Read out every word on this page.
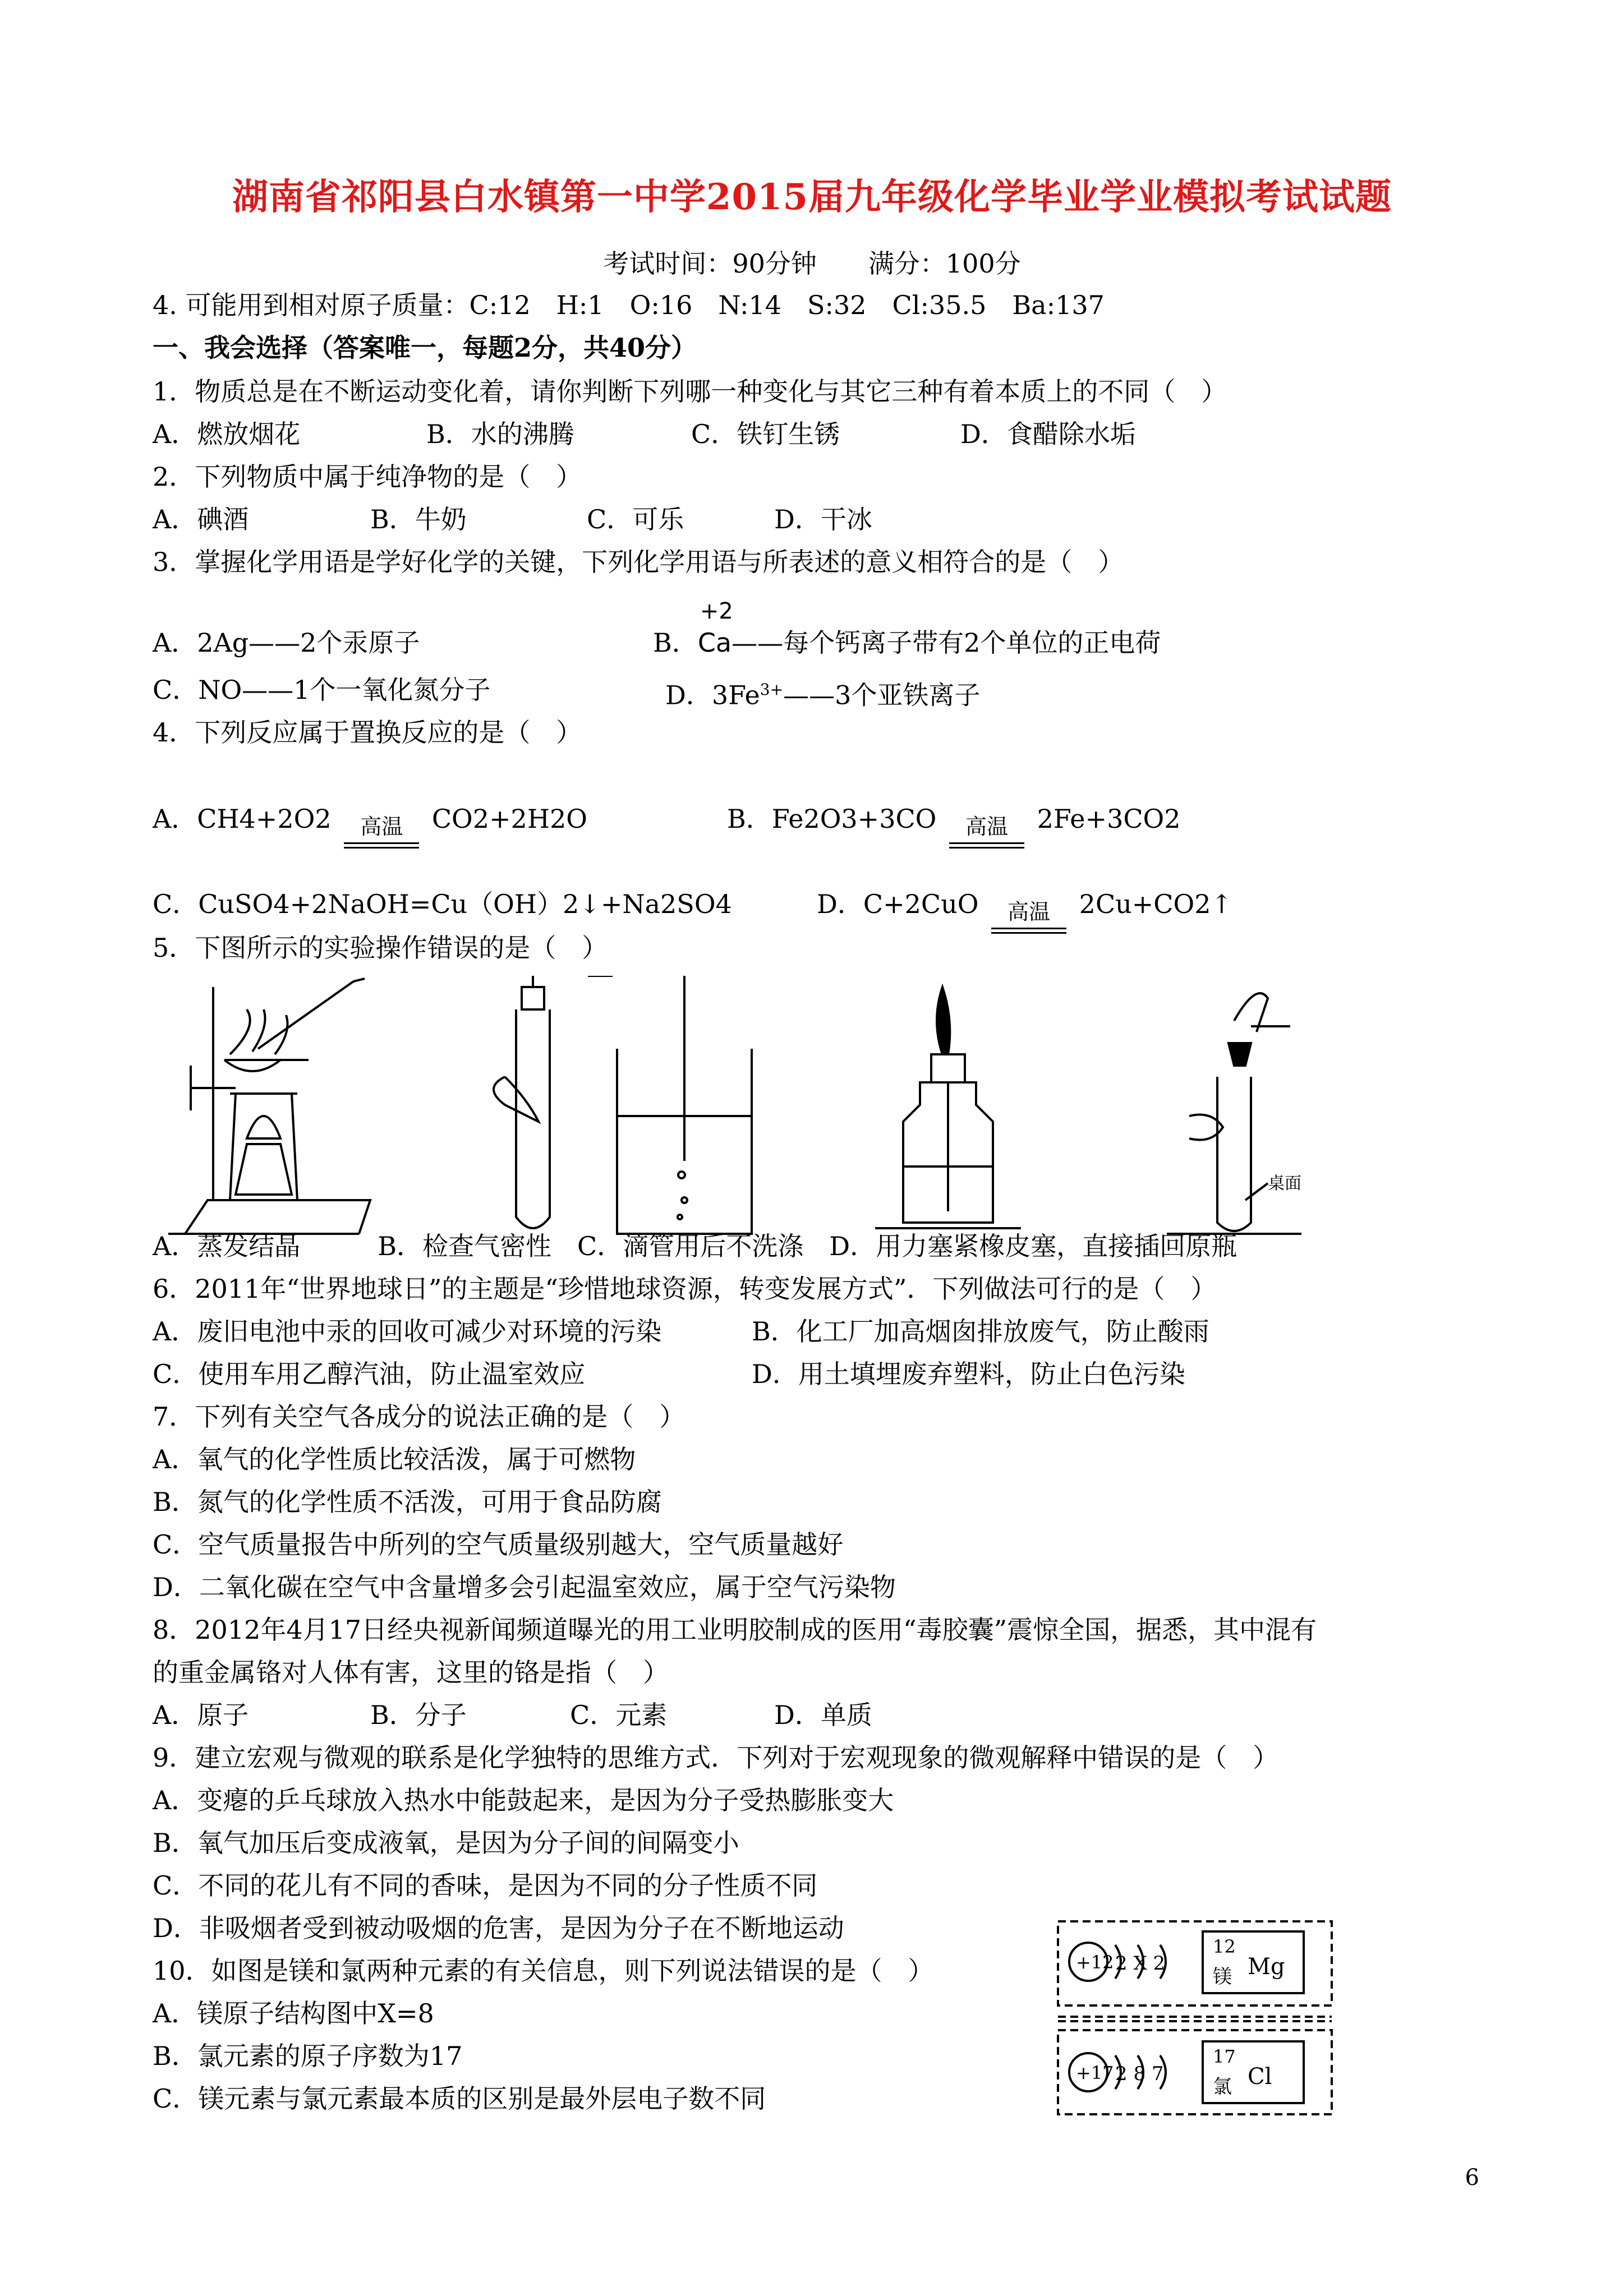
湖南省祁阳县白水镇第一中学2015届九年级化学毕业学业模拟考试试题
考试时间：90分钟　　满分：100分
4. 可能用到相对原子质量：C:12　H:1　O:16　N:14　S:32　Cl:35.5　Ba:137
一、我会选择（答案唯一，每题2分，共40分）
1．物质总是在不断运动变化着，请你判断下列哪一种变化与其它三种有着本质上的不同（　）
A．燃放烟花	B．水的沸腾	C．铁钉生锈	D．食醋除水垢
2．下列物质中属于纯净物的是（　）
A．碘酒	B．牛奶	C．可乐	D．干冰
3．掌握化学用语是学好化学的关键，下列化学用语与所表述的意义相符合的是（　）
A．2Ag——2个汞原子	B．
+2
Ca——每个钙离子带有2个单位的正电荷
C．NO——1个一氧化氮分子	D．$3Fe^{3+}——3$个亚铁离子
4．下列反应属于置换反应的是（　）
A．CH4+2O2	高温	CO2+2H2O	B．Fe2O3+3CO	高温	2Fe+3CO2
C．CuSO4+2NaOH=Cu（OH）2↓+Na2SO4	D．C+2CuO	高温	2Cu+CO2↑
5．下图所示的实验操作错误的是（　）
桌面
A．蒸发结晶　　　B．检查气密性　C．滴管用后不洗涤　D．用力塞紧橡皮塞，直接插回原瓶
6．2011年“世界地球日”的主题是“珍惜地球资源，转变发展方式”．下列做法可行的是（　）
A．废旧电池中汞的回收可减少对环境的污染	B．化工厂加高烟囱排放废气，防止酸雨
C．使用车用乙醇汽油，防止温室效应	D．用土填埋废弃塑料，防止白色污染
7．下列有关空气各成分的说法正确的是（　）
A．氧气的化学性质比较活泼，属于可燃物
B．氮气的化学性质不活泼，可用于食品防腐
C．空气质量报告中所列的空气质量级别越大，空气质量越好
D．二氧化碳在空气中含量增多会引起温室效应，属于空气污染物
8．2012年4月17日经央视新闻频道曝光的用工业明胶制成的医用“毒胶囊”震惊全国，据悉，其中混有
的重金属铬对人体有害，这里的铬是指（　）
A．原子	B．分子	C．元素	D．单质
9．建立宏观与微观的联系是化学独特的思维方式．下列对于宏观现象的微观解释中错误的是（　）
A．变瘪的乒乓球放入热水中能鼓起来，是因为分子受热膨胀变大
B．氧气加压后变成液氧，是因为分子间的间隔变小
C．不同的花儿有不同的香味，是因为不同的分子性质不同
D．非吸烟者受到被动吸烟的危害，是因为分子在不断地运动
10．如图是镁和氯两种元素的有关信息，则下列说法错误的是（　）
A．镁原子结构图中X=8
B．氯元素的原子序数为17
C．镁元素与氯元素最本质的区别是最外层电子数不同
+12 2 X 2
12
镁 Mg
+17 2 8 7
17
氯 Cl
6
